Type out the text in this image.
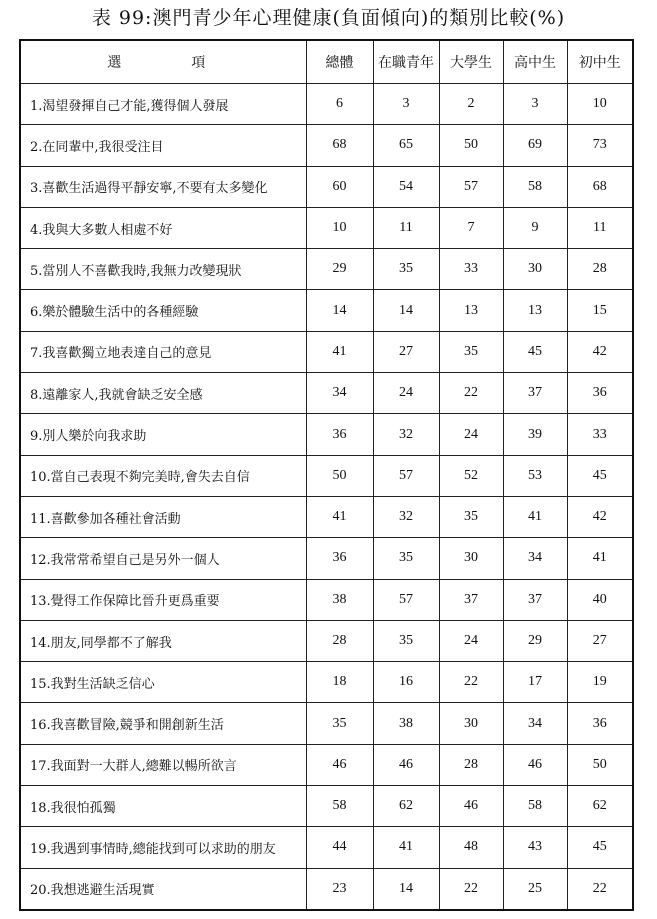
表 99:澳門青少年心理健康(負面傾向)的類別比較(%)
選　　項	總體	在職青年	大學生	高中生	初中生
1.渴望發揮自己才能,獲得個人發展	6	3	2	3	10
2.在同輩中,我很受注目	68	65	50	69	73
3.喜歡生活過得平靜安寧,不要有太多變化	60	54	57	58	68
4.我與大多數人相處不好	10	11	7	9	11
5.當別人不喜歡我時,我無力改變現狀	29	35	33	30	28
6.樂於體驗生活中的各種經驗	14	14	13	13	15
7.我喜歡獨立地表達自己的意見	41	27	35	45	42
8.遠離家人,我就會缺乏安全感	34	24	22	37	36
9.別人樂於向我求助	36	32	24	39	33
10.當自己表現不夠完美時,會失去自信	50	57	52	53	45
11.喜歡參加各種社會活動	41	32	35	41	42
12.我常常希望自己是另外一個人	36	35	30	34	41
13.覺得工作保障比晉升更爲重要	38	57	37	37	40
14.朋友,同學都不了解我	28	35	24	29	27
15.我對生活缺乏信心	18	16	22	17	19
16.我喜歡冒險,競爭和開創新生活	35	38	30	34	36
17.我面對一大群人,總難以暢所欲言	46	46	28	46	50
18.我很怕孤獨	58	62	46	58	62
19.我遇到事情時,總能找到可以求助的朋友	44	41	48	43	45
20.我想逃避生活現實	23	14	22	25	22
